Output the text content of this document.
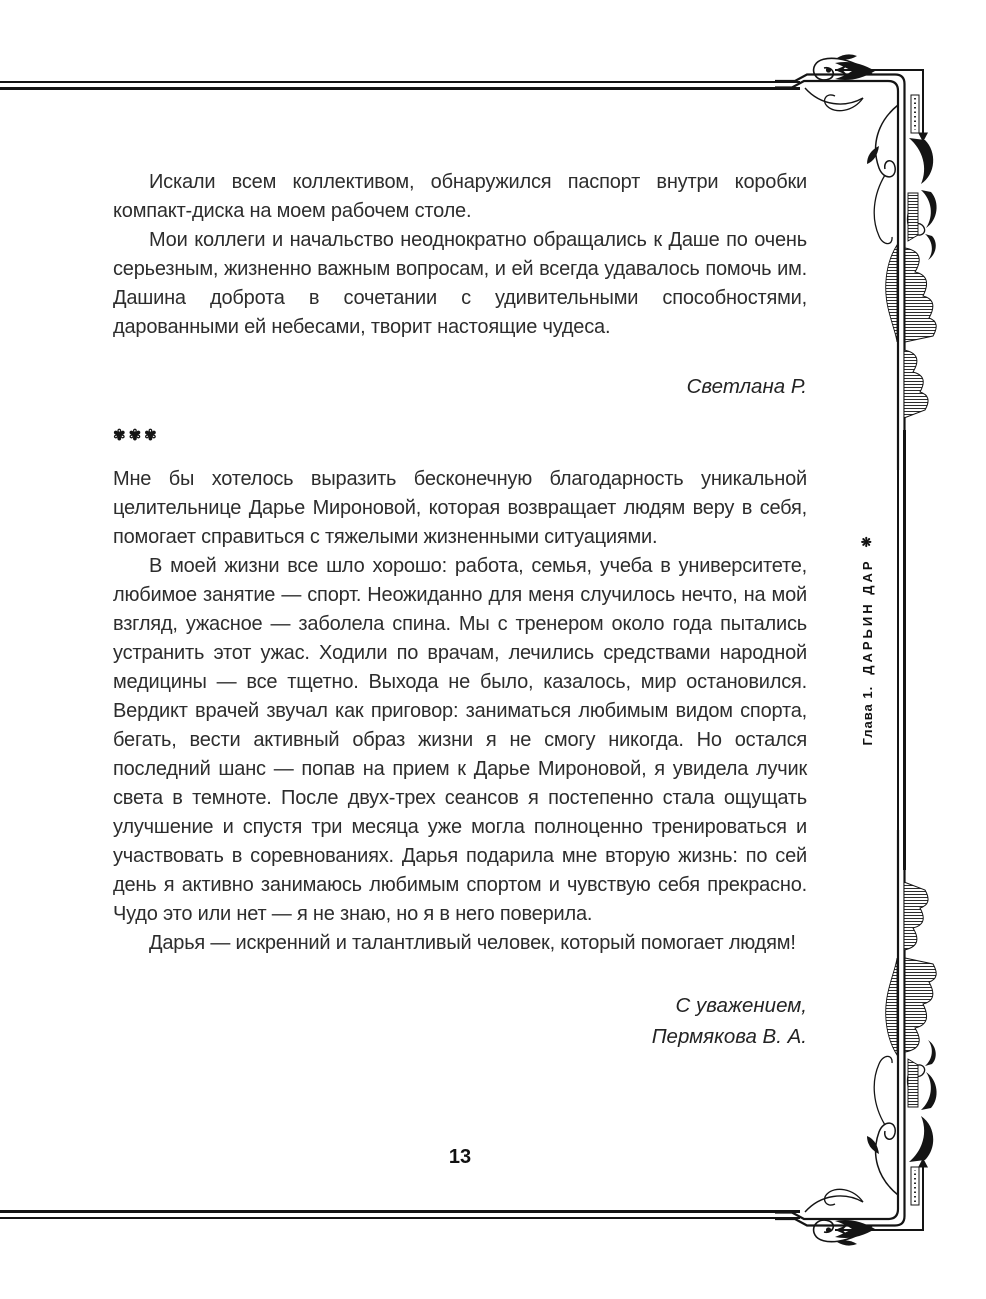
Искали всем коллективом, обнаружился паспорт внутри коробки компакт-диска на моем рабочем столе.

Мои коллеги и начальство неоднократно обращались к Даше по очень серьезным, жизненно важным вопросам, и ей всегда удавалось помочь им. Дашина доброта в сочетании с удивительными способностями, дарованными ей небесами, творит настоящие чудеса.

Светлана Р.

✾✾✾

Мне бы хотелось выразить бесконечную благодарность уникальной целительнице Дарье Мироновой, которая возвращает людям веру в себя, помогает справиться с тяжелыми жизненными ситуациями.

В моей жизни все шло хорошо: работа, семья, учеба в университете, любимое занятие — спорт. Неожиданно для меня случилось нечто, на мой взгляд, ужасное — заболела спина. Мы с тренером около года пытались устранить этот ужас. Ходили по врачам, лечились средствами народной медицины — все тщетно. Выхода не было, казалось, мир остановился. Вердикт врачей звучал как приговор: заниматься любимым видом спорта, бегать, вести активный образ жизни я не смогу никогда. Но остался последний шанс — попав на прием к Дарье Мироновой, я увидела лучик света в темноте. После двух-трех сеансов я постепенно стала ощущать улучшение и спустя три месяца уже могла полноценно тренироваться и участвовать в соревнованиях. Дарья подарила мне вторую жизнь: по сей день я активно занимаюсь любимым спортом и чувствую себя прекрасно. Чудо это или нет — я не знаю, но я в него поверила.

Дарья — искренний и талантливый человек, который помогает людям!

С уважением,
Пермякова В. А.
Глава 1.
ДАРЬИН ДАР
❋
13
